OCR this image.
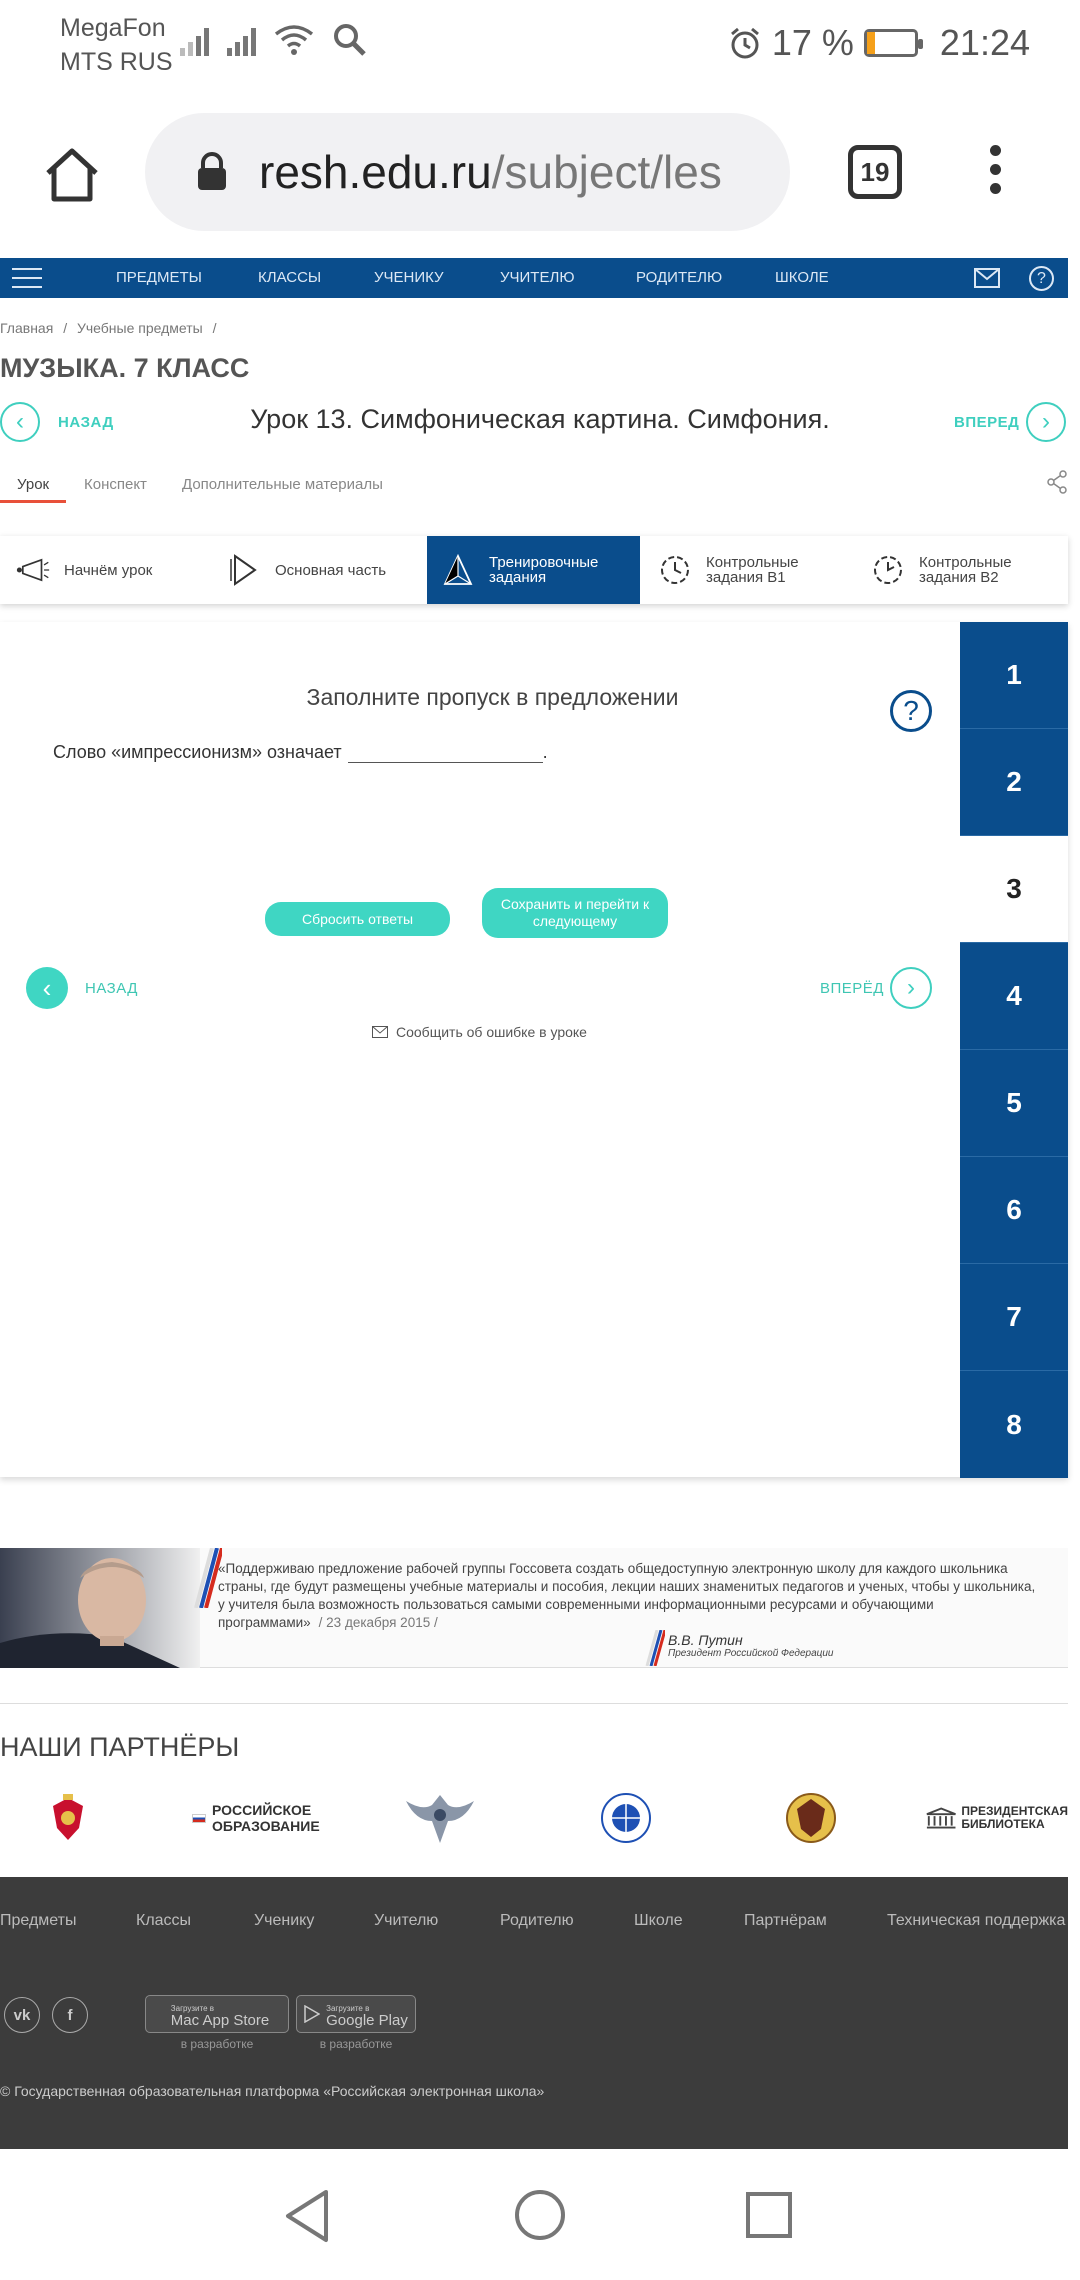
MegaFon
MTS RUS	17 % 21:24
resh.edu.ru/subject/les	19
ПРЕДМЕТЫ	КЛАССЫ	УЧЕНИКУ	УЧИТЕЛЮ	РОДИТЕЛЮ	ШКОЛЕ	?
Главная / Учебные предметы /
МУЗЫКА. 7 КЛАСС
‹ НАЗАД	Урок 13. Симфоническая картина. Симфония.	ВПЕРЕД ›
Урок Конспект Дополнительные материалы
Начнём урок	Основная часть	Тренировочные
задания
Контрольные
задания В1
Контрольные
задания В2
Заполните пропуск в предложении	?
Слово «импрессионизм» означает	.
Сбросить ответы
Сохранить и перейти к
следующему
‹ НАЗАД	ВПЕРЁД ›
Сообщить об ошибке в уроке
1
2
3
4
5
6
7
8
«Поддерживаю предложение рабочей группы Госсовета создать общедоступную электронную школу для каждого школьника страны, где будут размещены учебные материалы и пособия, лекции наших знаменитых педагогов и ученых, чтобы у школьника, у учителя была возможность пользоваться самыми современными информационными ресурсами и обучающими программами» / 23 декабря 2015 /
В.В. Путин
Президент Российской Федерации
НАШИ ПАРТНЁРЫ
РОССИЙСКОЕ
ОБРАЗОВАНИЕ
ПРЕЗИДЕНТСКАЯ
БИБЛИОТЕКА
Предметы	Классы	Ученику	Учителю	Родителю	Школе	Партнёрам	Техническая поддержка
vk	f	Загрузите в
Mac App Store
в разработке
Загрузите в
Google Play
в разработке
© Государственная образовательная платформа «Российская электронная школа»
